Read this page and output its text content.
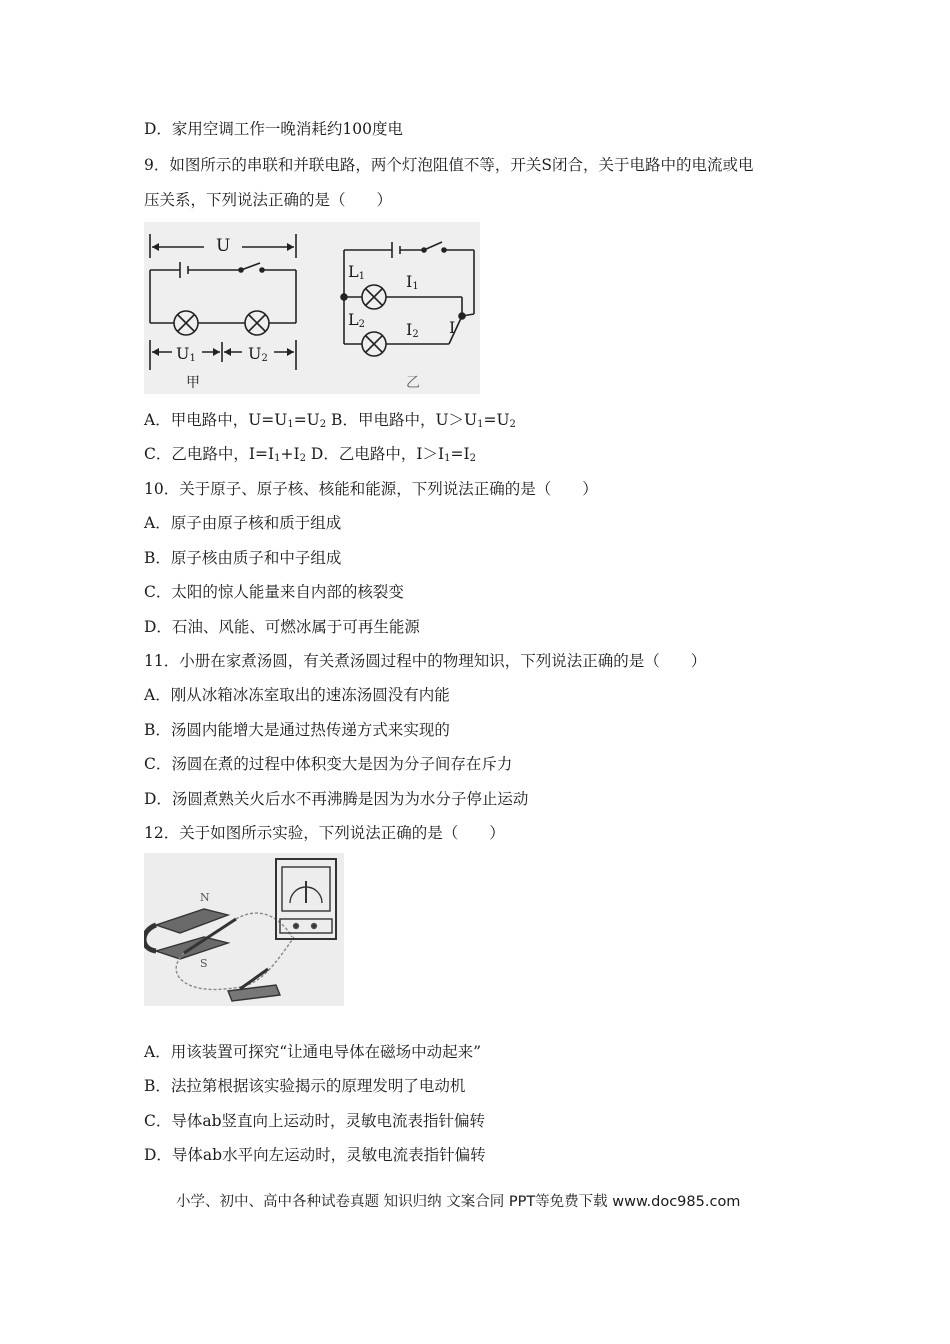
D．家用空调工作一晚消耗约100度电
9．如图所示的串联和并联电路，两个灯泡阻值不等，开关S闭合，关于电路中的电流或电
压关系，下列说法正确的是（　　）
U
$U_1$	$U_2$
甲
$L_1$	$I_1$
$L_2$	$I_2$ I
乙
A．甲电路中，$U=U_1=U_2$ B．甲电路中，$U>U_1=U_2$
C．乙电路中，$I=I_1+I_2$ D．乙电路中，$I>I_1=I_2$
10．关于原子、原子核、核能和能源，下列说法正确的是（　　）
A．原子由原子核和质于组成
B．原子核由质子和中子组成
C．太阳的惊人能量来自内部的核裂变
D．石油、风能、可燃冰属于可再生能源
11．小册在家煮汤圆，有关煮汤圆过程中的物理知识，下列说法正确的是（　　）
A．刚从冰箱冰冻室取出的速冻汤圆没有内能
B．汤圆内能增大是通过热传递方式来实现的
C．汤圆在煮的过程中体积变大是因为分子间存在斥力
D．汤圆煮熟关火后水不再沸腾是因为为水分子停止运动
12．关于如图所示实验，下列说法正确的是（　　）
N
S
A．用该装置可探究“让通电导体在磁场中动起来”
B．法拉第根据该实验揭示的原理发明了电动机
C．导体ab竖直向上运动时，灵敏电流表指针偏转
D．导体ab水平向左运动时，灵敏电流表指针偏转
小学、初中、高中各种试卷真题 知识归纳 文案合同 PPT等免费下载 www.doc985.com
